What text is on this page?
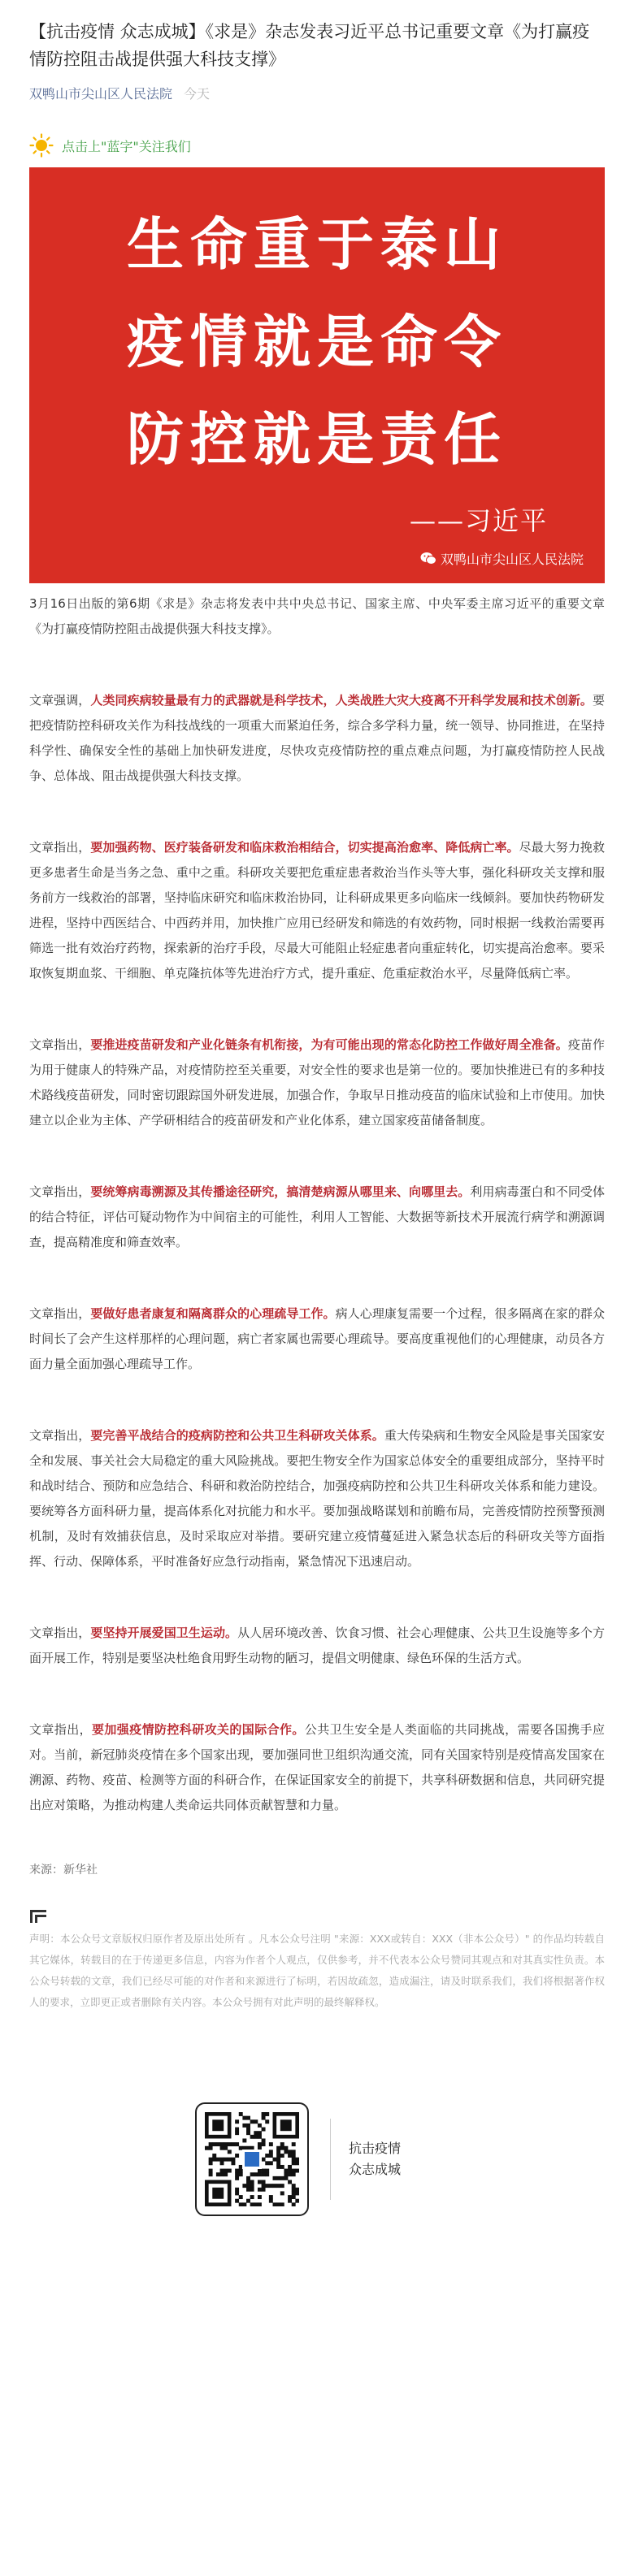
【抗击疫情 众志成城】《求是》杂志发表习近平总书记重要文章《为打赢疫情防控阻击战提供强大科技支撑》
双鸭山市尖山区人民法院 今天
点击上"蓝字"关注我们
生命重于泰山
疫情就是命令
防控就是责任
——习近平
双鸭山市尖山区人民法院

3月16日出版的第6期《求是》杂志将发表中共中央总书记、国家主席、中央军委主席习近平的重要文章《为打赢疫情防控阻击战提供强大科技支撑》。

文章强调，人类同疾病较量最有力的武器就是科学技术，人类战胜大灾大疫离不开科学发展和技术创新。要把疫情防控科研攻关作为科技战线的一项重大而紧迫任务，综合多学科力量，统一领导、协同推进，在坚持科学性、确保安全性的基础上加快研发进度，尽快攻克疫情防控的重点难点问题，为打赢疫情防控人民战争、总体战、阻击战提供强大科技支撑。

文章指出，要加强药物、医疗装备研发和临床救治相结合，切实提高治愈率、降低病亡率。尽最大努力挽救更多患者生命是当务之急、重中之重。科研攻关要把危重症患者救治当作头等大事，强化科研攻关支撑和服务前方一线救治的部署，坚持临床研究和临床救治协同，让科研成果更多向临床一线倾斜。要加快药物研发进程，坚持中西医结合、中西药并用，加快推广应用已经研发和筛选的有效药物，同时根据一线救治需要再筛选一批有效治疗药物，探索新的治疗手段，尽最大可能阻止轻症患者向重症转化，切实提高治愈率。要采取恢复期血浆、干细胞、单克隆抗体等先进治疗方式，提升重症、危重症救治水平，尽量降低病亡率。

文章指出，要推进疫苗研发和产业化链条有机衔接，为有可能出现的常态化防控工作做好周全准备。疫苗作为用于健康人的特殊产品，对疫情防控至关重要，对安全性的要求也是第一位的。要加快推进已有的多种技术路线疫苗研发，同时密切跟踪国外研发进展，加强合作，争取早日推动疫苗的临床试验和上市使用。加快建立以企业为主体、产学研相结合的疫苗研发和产业化体系，建立国家疫苗储备制度。

文章指出，要统筹病毒溯源及其传播途径研究，搞清楚病源从哪里来、向哪里去。利用病毒蛋白和不同受体的结合特征，评估可疑动物作为中间宿主的可能性，利用人工智能、大数据等新技术开展流行病学和溯源调查，提高精准度和筛查效率。

文章指出，要做好患者康复和隔离群众的心理疏导工作。病人心理康复需要一个过程，很多隔离在家的群众时间长了会产生这样那样的心理问题，病亡者家属也需要心理疏导。要高度重视他们的心理健康，动员各方面力量全面加强心理疏导工作。

文章指出，要完善平战结合的疫病防控和公共卫生科研攻关体系。重大传染病和生物安全风险是事关国家安全和发展、事关社会大局稳定的重大风险挑战。要把生物安全作为国家总体安全的重要组成部分，坚持平时和战时结合、预防和应急结合、科研和救治防控结合，加强疫病防控和公共卫生科研攻关体系和能力建设。要统筹各方面科研力量，提高体系化对抗能力和水平。要加强战略谋划和前瞻布局，完善疫情防控预警预测机制，及时有效捕获信息，及时采取应对举措。要研究建立疫情蔓延进入紧急状态后的科研攻关等方面指挥、行动、保障体系，平时准备好应急行动指南，紧急情况下迅速启动。

文章指出，要坚持开展爱国卫生运动。从人居环境改善、饮食习惯、社会心理健康、公共卫生设施等多个方面开展工作，特别是要坚决杜绝食用野生动物的陋习，提倡文明健康、绿色环保的生活方式。

文章指出，要加强疫情防控科研攻关的国际合作。公共卫生安全是人类面临的共同挑战，需要各国携手应对。当前，新冠肺炎疫情在多个国家出现，要加强同世卫组织沟通交流，同有关国家特别是疫情高发国家在溯源、药物、疫苗、检测等方面的科研合作，在保证国家安全的前提下，共享科研数据和信息，共同研究提出应对策略，为推动构建人类命运共同体贡献智慧和力量。

来源：新华社

声明：本公众号文章版权归原作者及原出处所有 。凡本公众号注明 "来源：XXX或转自：XXX（非本公众号）" 的作品均转载自其它媒体，转载目的在于传递更多信息，内容为作者个人观点，仅供参考，并不代表本公众号赞同其观点和对其真实性负责。本公众号转载的文章，我们已经尽可能的对作者和来源进行了标明，若因故疏忽，造成漏注，请及时联系我们，我们将根据著作权人的要求，立即更正或者删除有关内容。本公众号拥有对此声明的最终解释权。

抗击疫情
众志成城
